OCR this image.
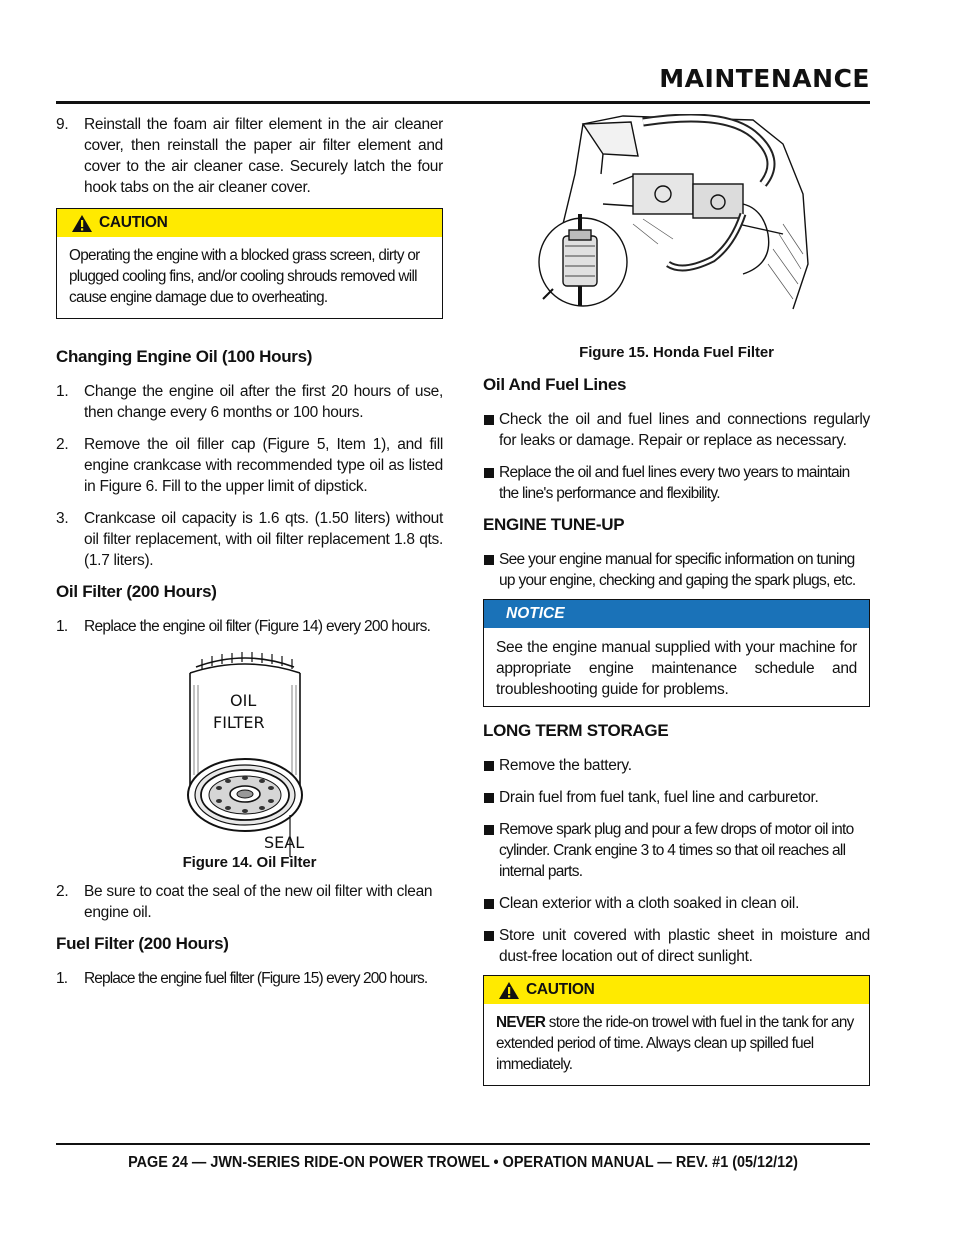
MAINTENANCE
9. Reinstall the foam air filter element in the air cleaner cover, then reinstall the paper air filter element and cover to the air cleaner case. Securely latch the four hook tabs on the air cleaner cover.
CAUTION
Operating the engine with a blocked grass screen, dirty or plugged cooling fins, and/or cooling shrouds removed will cause engine damage due to overheating.
Changing Engine Oil (100 Hours)
1. Change the engine oil after the first 20 hours of use, then change every 6 months or 100 hours.
2. Remove the oil filler cap (Figure 5, Item 1), and fill engine crankcase with recommended type oil as listed in Figure 6. Fill to the upper limit of dipstick.
3. Crankcase oil capacity is 1.6 qts. (1.50 liters) without oil filter replacement, with oil filter replacement 1.8 qts. (1.7 liters).
Oil Filter (200 Hours)
1. Replace the engine oil filter (Figure 14) every 200 hours.
OIL
FILTER
SEAL
Figure 14. Oil Filter
2. Be sure to coat the seal of the new oil filter with clean engine oil.
Fuel Filter (200 Hours)
1. Replace the engine fuel filter (Figure 15) every 200 hours.
Figure 15. Honda Fuel Filter
Oil And Fuel Lines
Check the oil and fuel lines and connections regularly for leaks or damage. Repair or replace as necessary.
Replace the oil and fuel lines every two years to maintain the line's performance and flexibility.
ENGINE TUNE-UP
See your engine manual for specific information on tuning up your engine, checking and gaping the spark plugs, etc.
NOTICE
See the engine manual supplied with your machine for appropriate engine maintenance schedule and troubleshooting guide for problems.
LONG TERM STORAGE
Remove the battery.
Drain fuel from fuel tank, fuel line and carburetor.
Remove spark plug and pour a few drops of motor oil into cylinder. Crank engine 3 to 4 times so that oil reaches all internal parts.
Clean exterior with a cloth soaked in clean oil.
Store unit covered with plastic sheet in moisture and dust-free location out of direct sunlight.
CAUTION
NEVER store the ride-on trowel with fuel in the tank for any extended period of time. Always clean up spilled fuel immediately.
PAGE 24 — JWN-SERIES RIDE-ON POWER TROWEL • OPERATION MANUAL — REV. #1 (05/12/12)
